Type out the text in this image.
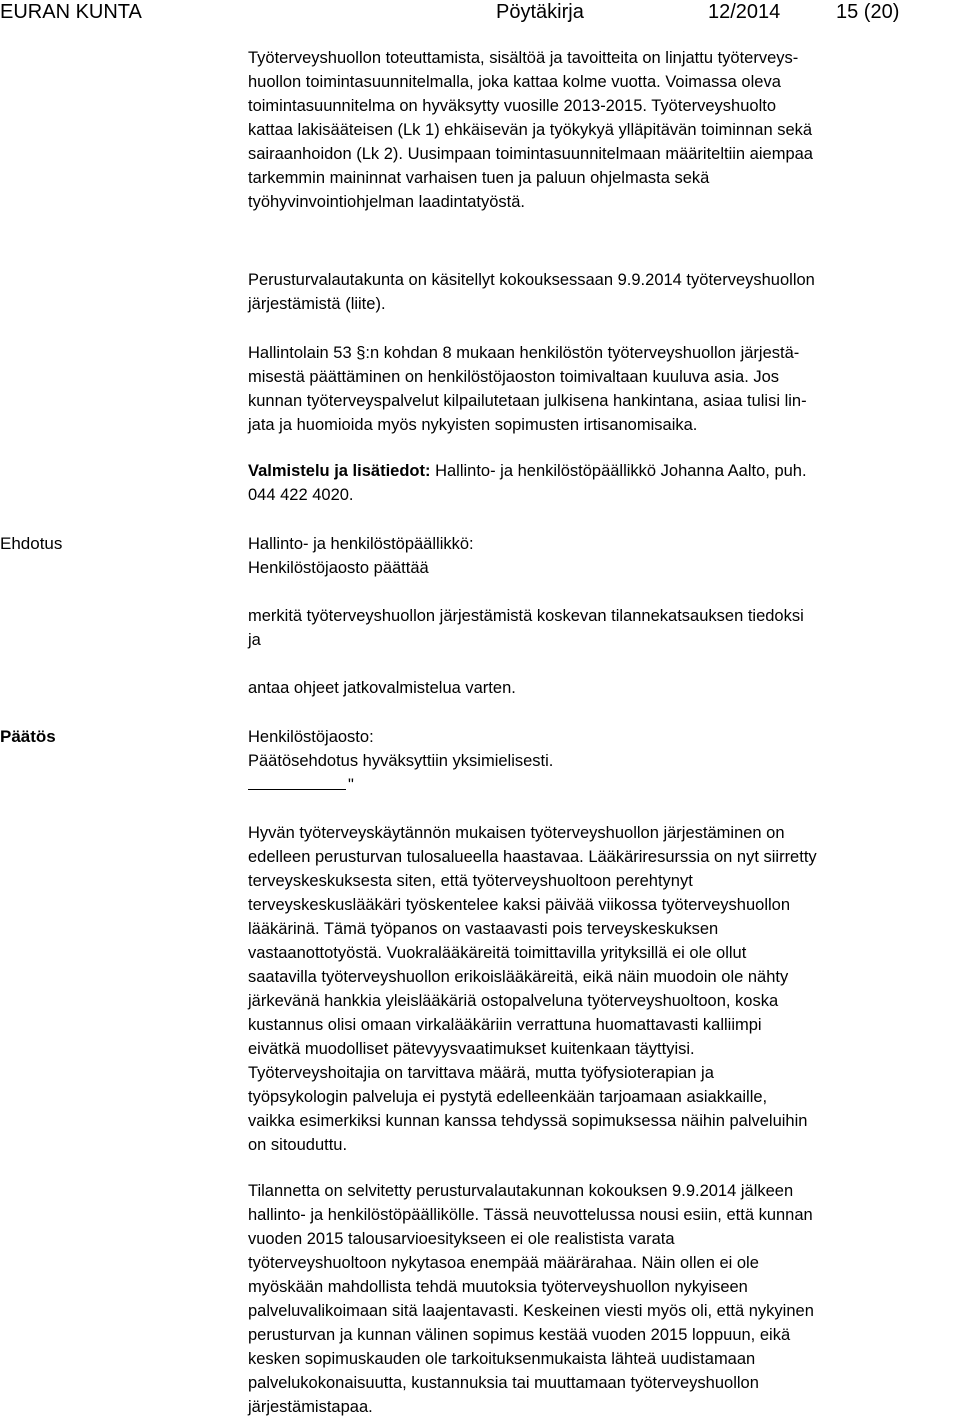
EURAN KUNTA	Pöytäkirja	12/2014	15 (20)
Työterveyshuollon toteuttamista, sisältöä ja tavoitteita on linjattu työterveys-
huollon toimintasuunnitelmalla, joka kattaa kolme vuotta. Voimassa oleva
toimintasuunnitelma on hyväksytty vuosille 2013-2015. Työterveyshuolto
kattaa lakisääteisen (Lk 1) ehkäisevän ja työkykyä ylläpitävän toiminnan sekä
sairaanhoidon (Lk 2). Uusimpaan toimintasuunnitelmaan määriteltiin aiempaa
tarkemmin maininnat varhaisen tuen ja paluun ohjelmasta sekä
työhyvinvointiohjelman laadintatyöstä.
Perusturvalautakunta on käsitellyt kokouksessaan 9.9.2014 työterveyshuollon
järjestämistä (liite).
Hallintolain 53 §:n kohdan 8 mukaan henkilöstön työterveyshuollon järjestä-
misestä päättäminen on henkilöstöjaoston toimivaltaan kuuluva asia. Jos
kunnan työterveyspalvelut kilpailutetaan julkisena hankintana, asiaa tulisi lin-
jata ja huomioida myös nykyisten sopimusten irtisanomisaika.
Valmistelu ja lisätiedot: Hallinto- ja henkilöstöpäällikkö Johanna Aalto, puh.
044 422 4020.
Ehdotus	Hallinto- ja henkilöstöpäällikkö:
Henkilöstöjaosto päättää
merkitä työterveyshuollon järjestämistä koskevan tilannekatsauksen tiedoksi
ja
antaa ohjeet jatkovalmistelua varten.
Päätös	Henkilöstöjaosto:
Päätösehdotus hyväksyttiin yksimielisesti.
"
Hyvän työterveyskäytännön mukaisen työterveyshuollon järjestäminen on
edelleen perusturvan tulosalueella haastavaa. Lääkäriresurssia on nyt siirretty
terveyskeskuksesta siten, että työterveyshuoltoon perehtynyt
terveyskeskuslääkäri työskentelee kaksi päivää viikossa työterveyshuollon
lääkärinä. Tämä työpanos on vastaavasti pois terveyskeskuksen
vastaanottotyöstä. Vuokralääkäreitä toimittavilla yrityksillä ei ole ollut
saatavilla työterveyshuollon erikoislääkäreitä, eikä näin muodoin ole nähty
järkevänä hankkia yleislääkäriä ostopalveluna työterveyshuoltoon, koska
kustannus olisi omaan virkalääkäriin verrattuna huomattavasti kalliimpi
eivätkä muodolliset pätevyysvaatimukset kuitenkaan täyttyisi.
Työterveyshoitajia on tarvittava määrä, mutta työfysioterapian ja
työpsykologin palveluja ei pystytä edelleenkään tarjoamaan asiakkaille,
vaikka esimerkiksi kunnan kanssa tehdyssä sopimuksessa näihin palveluihin
on sitouduttu.
Tilannetta on selvitetty perusturvalautakunnan kokouksen 9.9.2014 jälkeen
hallinto- ja henkilöstöpäällikölle. Tässä neuvottelussa nousi esiin, että kunnan
vuoden 2015 talousarvioesitykseen ei ole realistista varata
työterveyshuoltoon nykytasoa enempää määrärahaa. Näin ollen ei ole
myöskään mahdollista tehdä muutoksia työterveyshuollon nykyiseen
palveluvalikoimaan sitä laajentavasti. Keskeinen viesti myös oli, että nykyinen
perusturvan ja kunnan välinen sopimus kestää vuoden 2015 loppuun, eikä
kesken sopimuskauden ole tarkoituksenmukaista lähteä uudistamaan
palvelukokonaisuutta, kustannuksia tai muuttamaan työterveyshuollon
järjestämistapaa.
